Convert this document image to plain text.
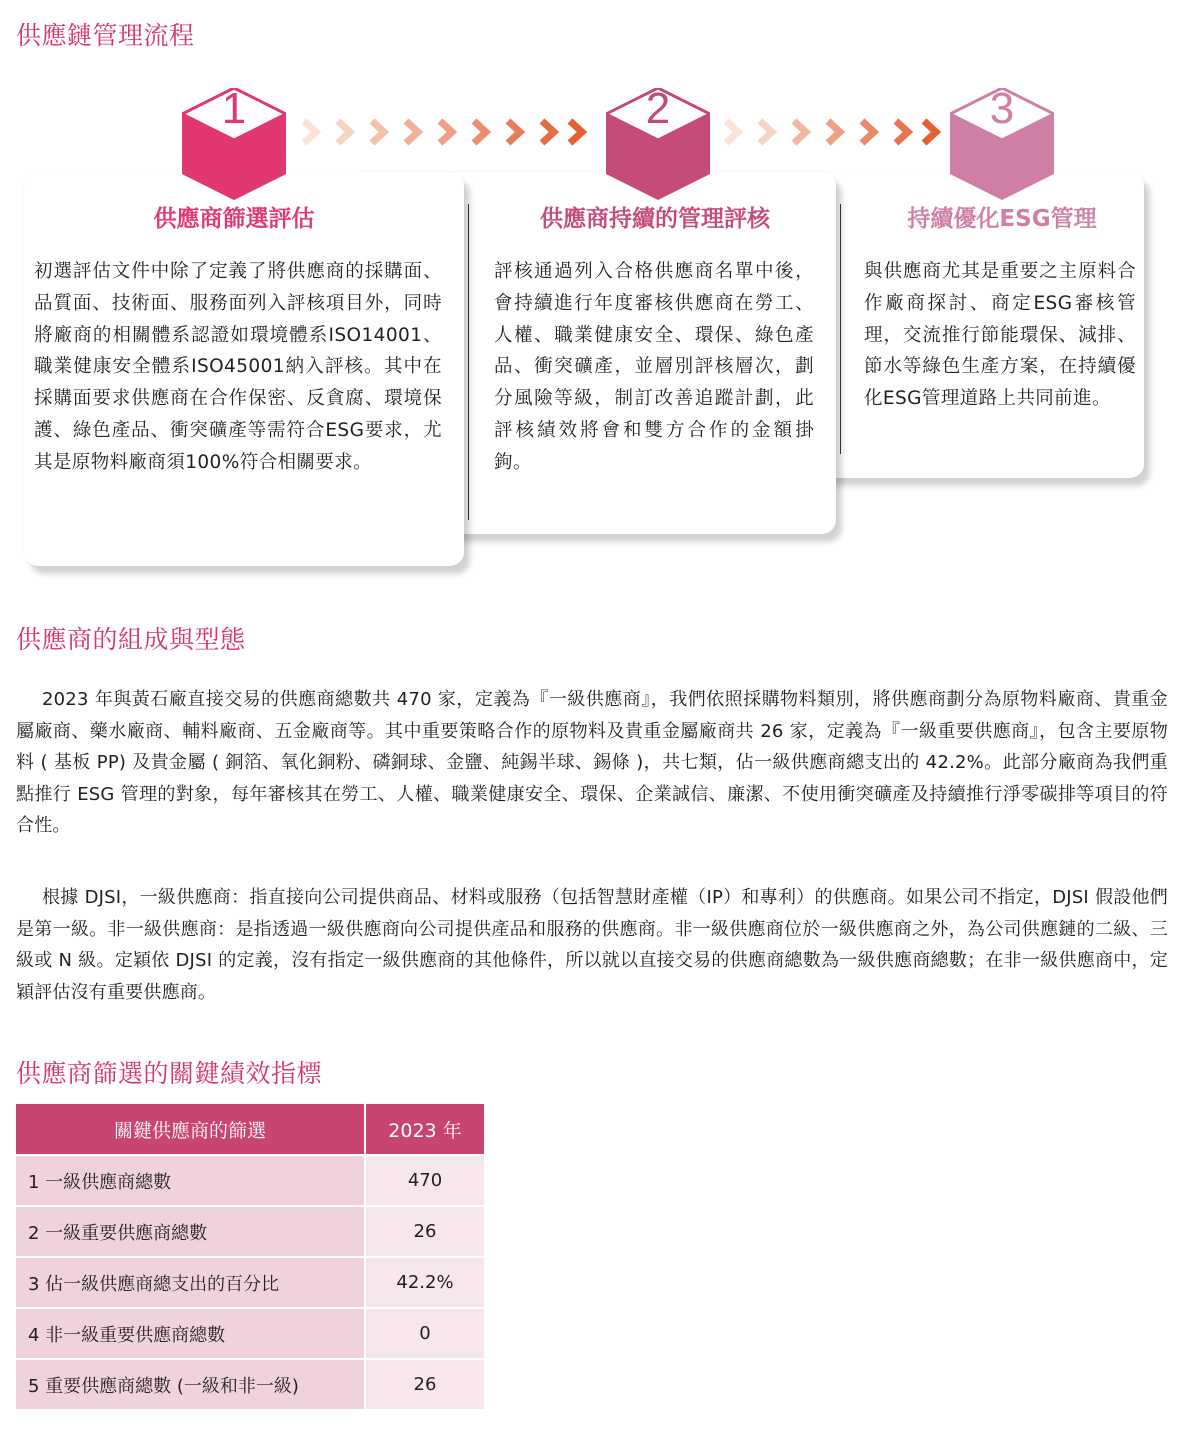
供應鏈管理流程
1	2	3
供應商篩選評估	供應商持續的管理評核	持續優化ESG管理

初選評估文件中除了定義了將供應商的採購面、品質面、技術面、服務面列入評核項目外，同時將廠商的相關體系認證如環境體系ISO14001、職業健康安全體系ISO45001納入評核。其中在採購面要求供應商在合作保密、反貪腐、環境保護、綠色產品、衝突礦產等需符合ESG要求，尤其是原物料廠商須100%符合相關要求。

評核通過列入合格供應商名單中後，會持續進行年度審核供應商在勞工、人權、職業健康安全、環保、綠色產品、衝突礦產，並層別評核層次，劃分風險等級，制訂改善追蹤計劃，此評核績效將會和雙方合作的金額掛鉤。

與供應商尤其是重要之主原料合作廠商探討、商定ESG審核管理，交流推行節能環保、減排、節水等綠色生產方案，在持續優化ESG管理道路上共同前進。

供應商的組成與型態

2023 年與黃石廠直接交易的供應商總數共 470 家，定義為『一級供應商』，我們依照採購物料類別，將供應商劃分為原物料廠商、貴重金屬廠商、藥水廠商、輔料廠商、五金廠商等。其中重要策略合作的原物料及貴重金屬廠商共 26 家，定義為『一級重要供應商』，包含主要原物料 ( 基板 PP) 及貴金屬 ( 銅箔、氧化銅粉、磷銅球、金鹽、純錫半球、錫條 )，共七類，佔一級供應商總支出的 42.2%。此部分廠商為我們重點推行 ESG 管理的對象，每年審核其在勞工、人權、職業健康安全、環保、企業誠信、廉潔、不使用衝突礦產及持續推行淨零碳排等項目的符合性。

根據 DJSI，一級供應商：指直接向公司提供商品、材料或服務（包括智慧財產權（IP）和專利）的供應商。如果公司不指定，DJSI 假設他們是第一級。非一級供應商：是指透過一級供應商向公司提供產品和服務的供應商。非一級供應商位於一級供應商之外，為公司供應鏈的二級、三級或 N 級。定穎依 DJSI 的定義，沒有指定一級供應商的其他條件，所以就以直接交易的供應商總數為一級供應商總數；在非一級供應商中，定穎評估沒有重要供應商。

供應商篩選的關鍵績效指標
關鍵供應商的篩選	2023 年
1 一級供應商總數	470
2 一級重要供應商總數	26
3 佔一級供應商總支出的百分比	42.2%
4 非一級重要供應商總數	0
5 重要供應商總數 (一級和非一級)	26
